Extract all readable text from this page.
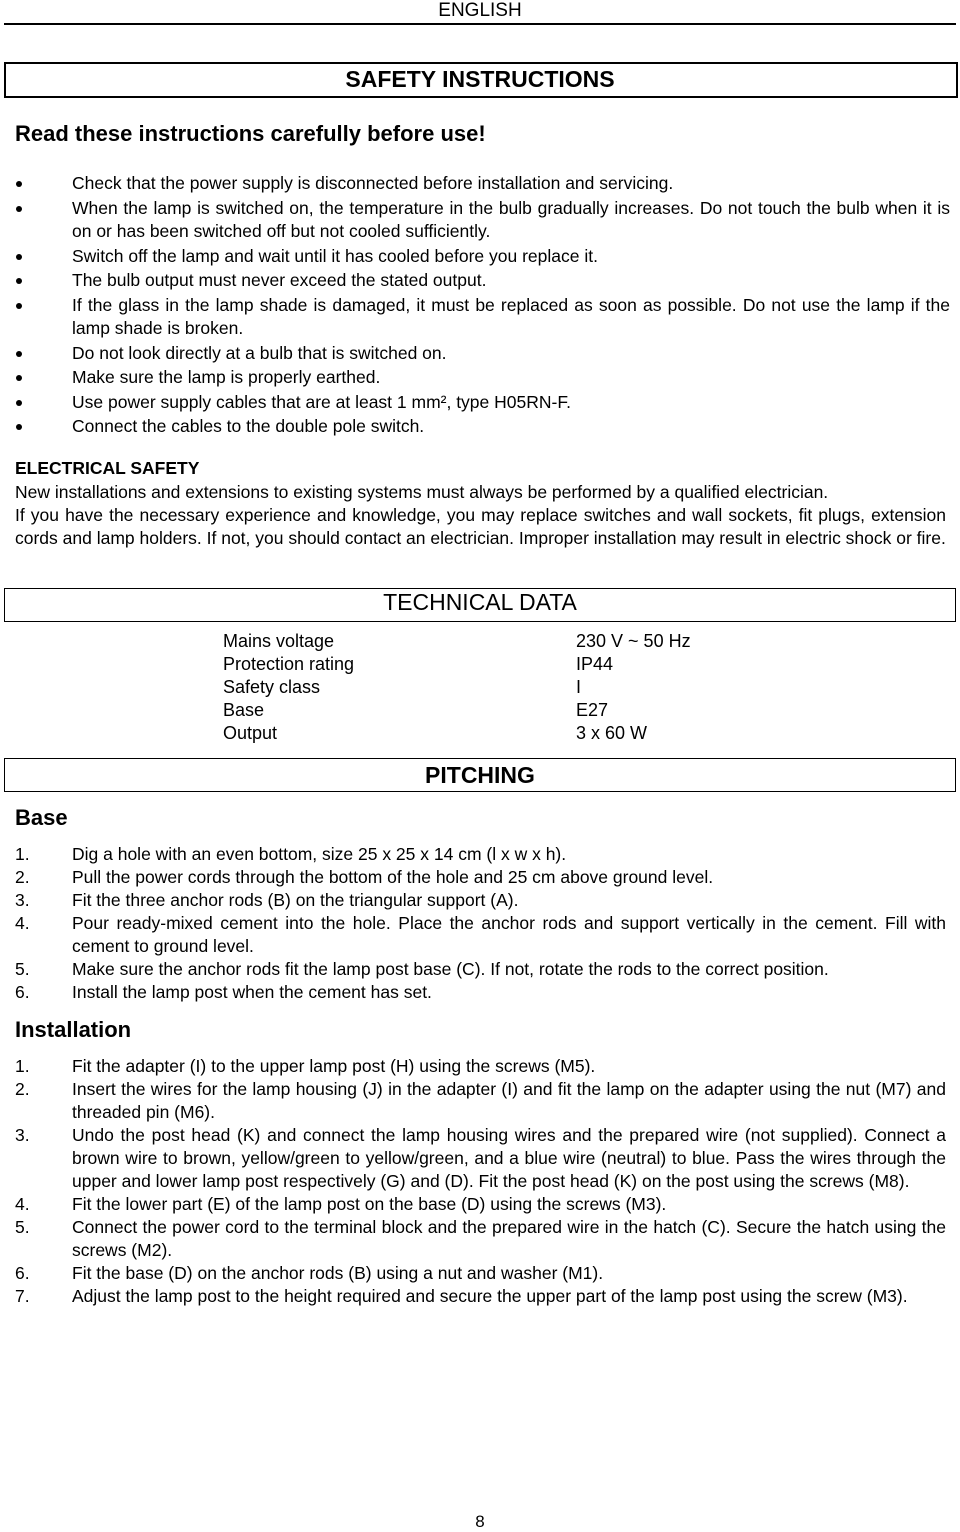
ENGLISH
SAFETY INSTRUCTIONS
Read these instructions carefully before use!
Check that the power supply is disconnected before installation and servicing.
When the lamp is switched on, the temperature in the bulb gradually increases. Do not touch the bulb when it is on or has been switched off but not cooled sufficiently.
Switch off the lamp and wait until it has cooled before you replace it.
The bulb output must never exceed the stated output.
If the glass in the lamp shade is damaged, it must be replaced as soon as possible. Do not use the lamp if the lamp shade is broken.
Do not look directly at a bulb that is switched on.
Make sure the lamp is properly earthed.
Use power supply cables that are at least 1 mm², type H05RN-F.
Connect the cables to the double pole switch.
ELECTRICAL SAFETY
New installations and extensions to existing systems must always be performed by a qualified electrician.
If you have the necessary experience and knowledge, you may replace switches and wall sockets, fit plugs, extension cords and lamp holders. If not, you should contact an electrician. Improper installation may result in electric shock or fire.
TECHNICAL DATA
Mains voltage	230 V ~ 50 Hz
Protection rating	IP44
Safety class	I
Base	E27
Output	3 x 60 W
PITCHING
Base
1. Dig a hole with an even bottom, size 25 x 25 x 14 cm (l x w x h).
2. Pull the power cords through the bottom of the hole and 25 cm above ground level.
3. Fit the three anchor rods (B) on the triangular support (A).
4. Pour ready-mixed cement into the hole. Place the anchor rods and support vertically in the cement. Fill with cement to ground level.
5. Make sure the anchor rods fit the lamp post base (C). If not, rotate the rods to the correct position.
6. Install the lamp post when the cement has set.
Installation
1. Fit the adapter (I) to the upper lamp post (H) using the screws (M5).
2. Insert the wires for the lamp housing (J) in the adapter (I) and fit the lamp on the adapter using the nut (M7) and threaded pin (M6).
3. Undo the post head (K) and connect the lamp housing wires and the prepared wire (not supplied). Connect a brown wire to brown, yellow/green to yellow/green, and a blue wire (neutral) to blue. Pass the wires through the upper and lower lamp post respectively (G) and (D). Fit the post head (K) on the post using the screws (M8).
4. Fit the lower part (E) of the lamp post on the base (D) using the screws (M3).
5. Connect the power cord to the terminal block and the prepared wire in the hatch (C). Secure the hatch using the screws (M2).
6. Fit the base (D) on the anchor rods (B) using a nut and washer (M1).
7. Adjust the lamp post to the height required and secure the upper part of the lamp post using the screw (M3).
8
